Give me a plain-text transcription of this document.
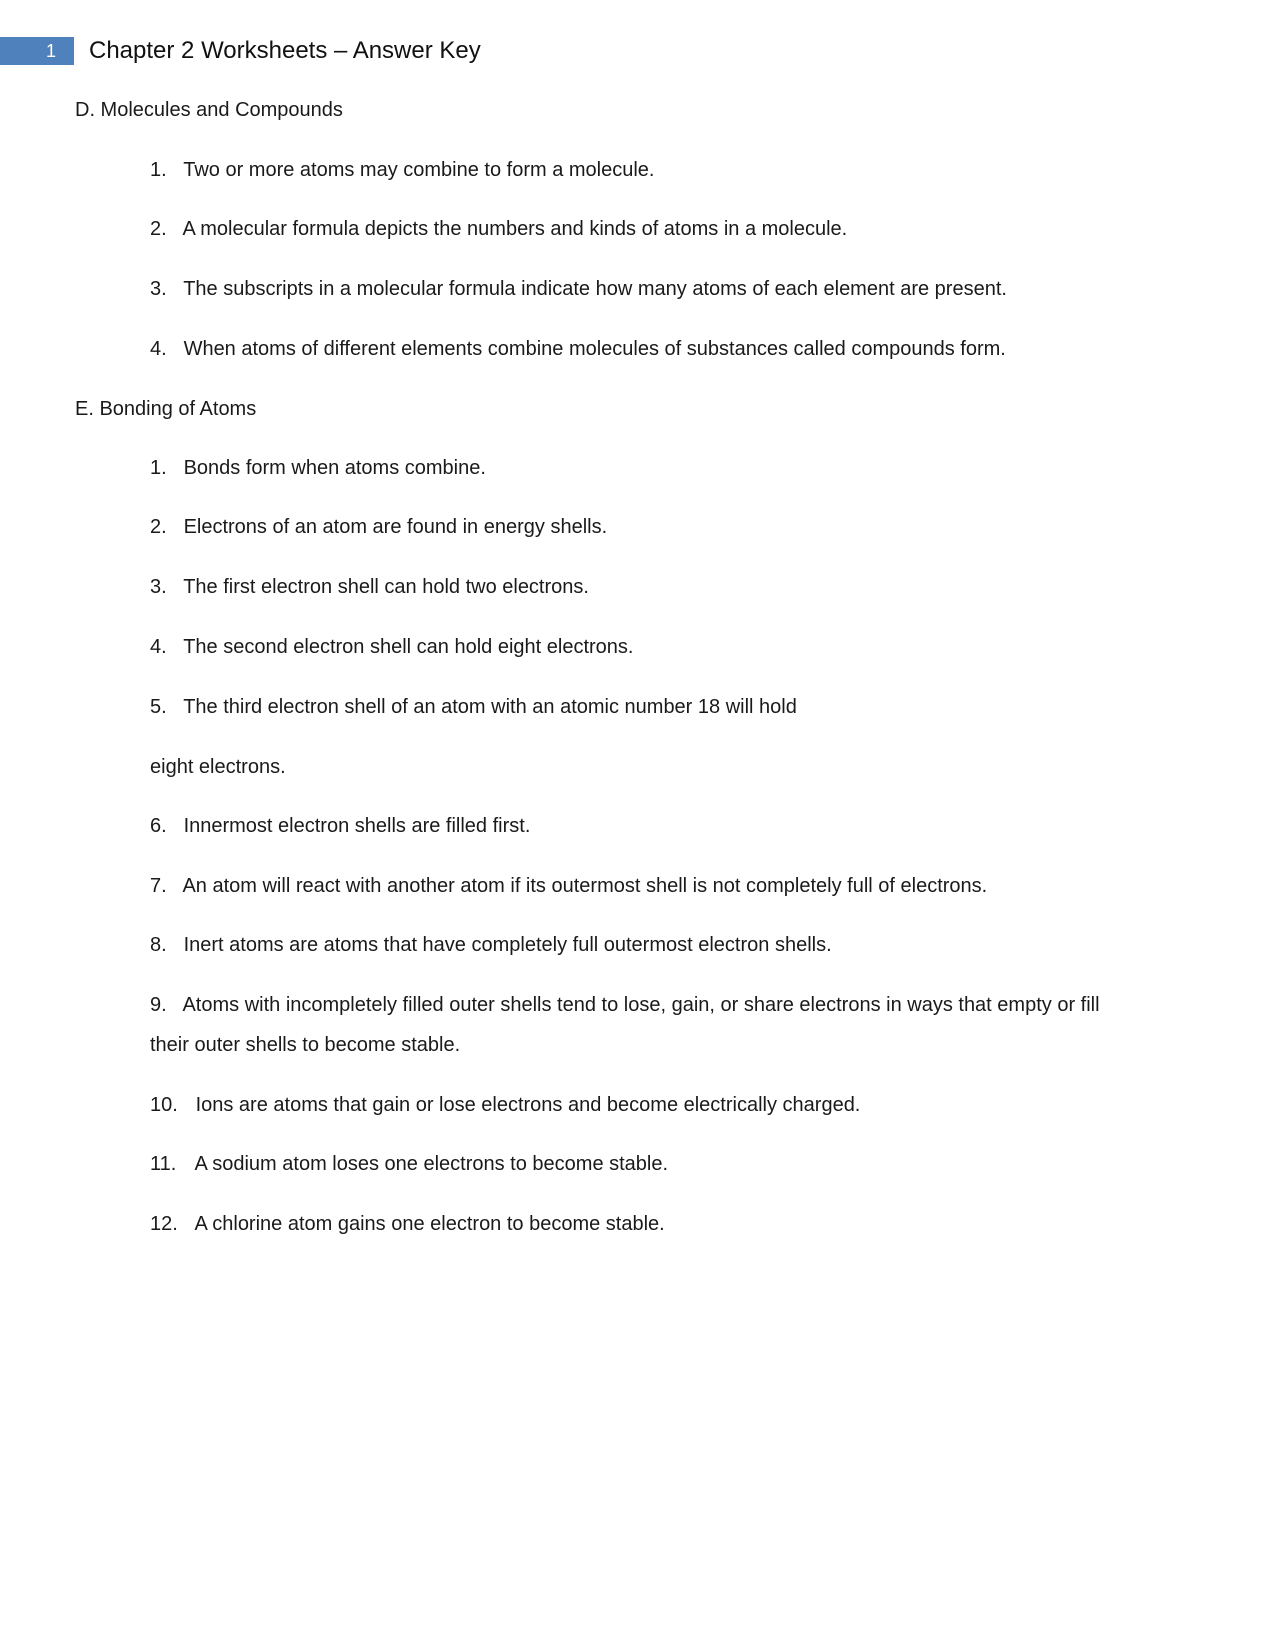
1	Chapter 2 Worksheets – Answer Key
D. Molecules and Compounds
1. Two or more atoms may combine to form a molecule.
2. A molecular formula depicts the numbers and kinds of atoms in a molecule.
3. The subscripts in a molecular formula indicate how many atoms of each element are present.
4. When atoms of different elements combine molecules of substances called compounds form.
E. Bonding of Atoms
1. Bonds form when atoms combine.
2. Electrons of an atom are found in energy shells.
3. The first electron shell can hold two electrons.
4. The second electron shell can hold eight electrons.
5. The third electron shell of an atom with an atomic number 18 will hold
eight electrons.
6. Innermost electron shells are filled first.
7. An atom will react with another atom if its outermost shell is not completely full of electrons.
8. Inert atoms are atoms that have completely full outermost electron shells.
9. Atoms with incompletely filled outer shells tend to lose, gain, or share electrons in ways that empty or fill
their outer shells to become stable.
10. Ions are atoms that gain or lose electrons and become electrically charged.
11. A sodium atom loses one electrons to become stable.
12. A chlorine atom gains one electron to become stable.
